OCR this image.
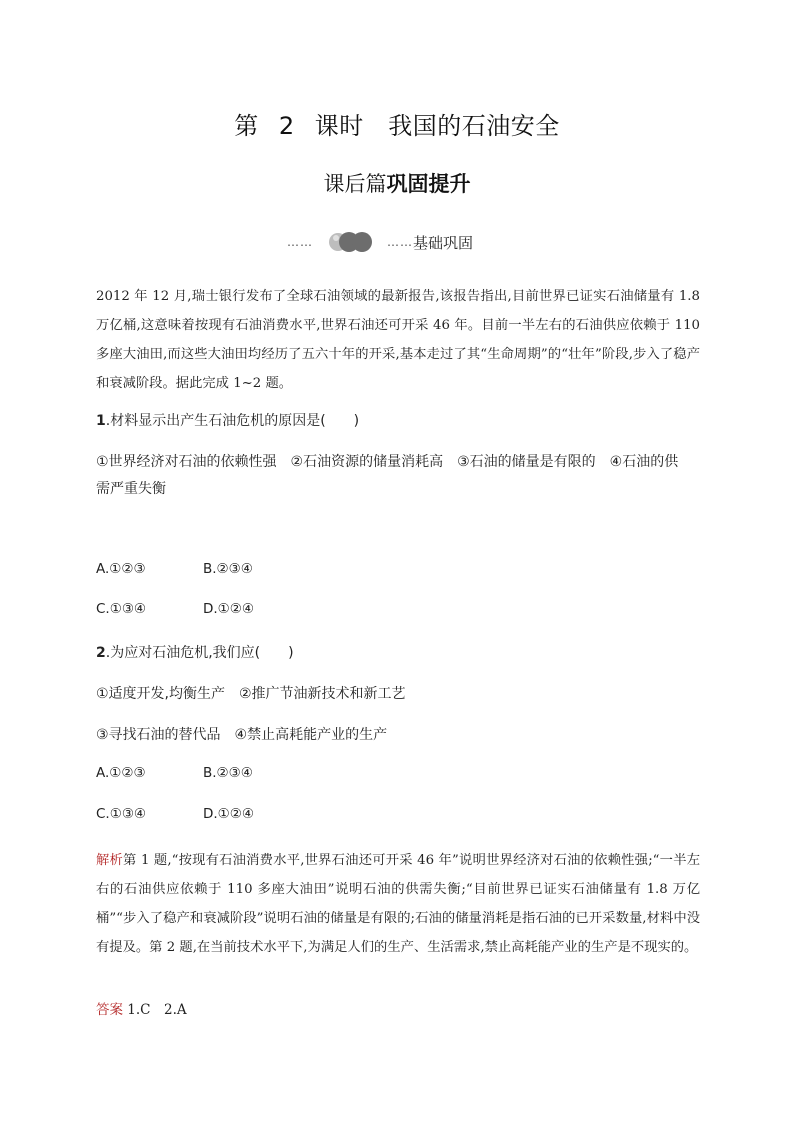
第 2 课时　我国的石油安全
课后篇巩固提升
……	…… 基础巩固
2012 年 12 月,瑞士银行发布了全球石油领域的最新报告,该报告指出,目前世界已证实石油储量有 1.8 万亿桶,这意味着按现有石油消费水平,世界石油还可开采 46 年。目前一半左右的石油供应依赖于 110 多座大油田,而这些大油田均经历了五六十年的开采,基本走过了其“生命周期”的“壮年”阶段,步入了稳产和衰减阶段。据此完成 1~2 题。
1.材料显示出产生石油危机的原因是(　　)
①世界经济对石油的依赖性强　②石油资源的储量消耗高　③石油的储量是有限的　④石油的供
需严重失衡
A.①②③	B.②③④
C.①③④	D.①②④
2.为应对石油危机,我们应(　　)
①适度开发,均衡生产　②推广节油新技术和新工艺
③寻找石油的替代品　④禁止高耗能产业的生产
A.①②③	B.②③④
C.①③④	D.①②④
解析第 1 题,“按现有石油消费水平,世界石油还可开采 46 年”说明世界经济对石油的依赖性强;“一半左右的石油供应依赖于 110 多座大油田”说明石油的供需失衡;“目前世界已证实石油储量有 1.8 万亿桶”“步入了稳产和衰减阶段”说明石油的储量是有限的;石油的储量消耗是指石油的已开采数量,材料中没有提及。第 2 题,在当前技术水平下,为满足人们的生产、生活需求,禁止高耗能产业的生产是不现实的。
答案 1.C　2.A
